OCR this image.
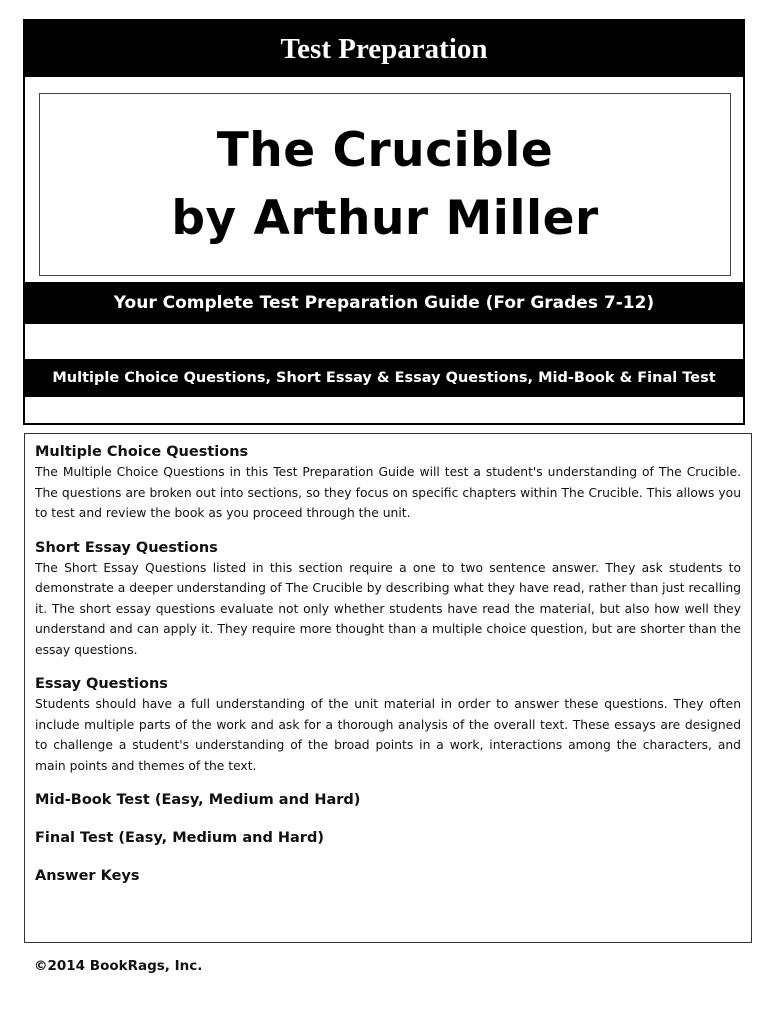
Test Preparation
The Crucible
by Arthur Miller
Your Complete Test Preparation Guide (For Grades 7-12)
Multiple Choice Questions, Short Essay & Essay Questions, Mid-Book & Final Test

Multiple Choice Questions

The Multiple Choice Questions in this Test Preparation Guide will test a student's understanding of The Crucible. The questions are broken out into sections, so they focus on specific chapters within The Crucible. This allows you to test and review the book as you proceed through the unit.

Short Essay Questions

The Short Essay Questions listed in this section require a one to two sentence answer. They ask students to demonstrate a deeper understanding of The Crucible by describing what they have read, rather than just recalling it. The short essay questions evaluate not only whether students have read the material, but also how well they understand and can apply it. They require more thought than a multiple choice question, but are shorter than the essay questions.

Essay Questions

Students should have a full understanding of the unit material in order to answer these questions. They often include multiple parts of the work and ask for a thorough analysis of the overall text. These essays are designed to challenge a student's understanding of the broad points in a work, interactions among the characters, and main points and themes of the text.

Mid-Book Test (Easy, Medium and Hard)

Final Test (Easy, Medium and Hard)

Answer Keys

©2014 BookRags, Inc.
